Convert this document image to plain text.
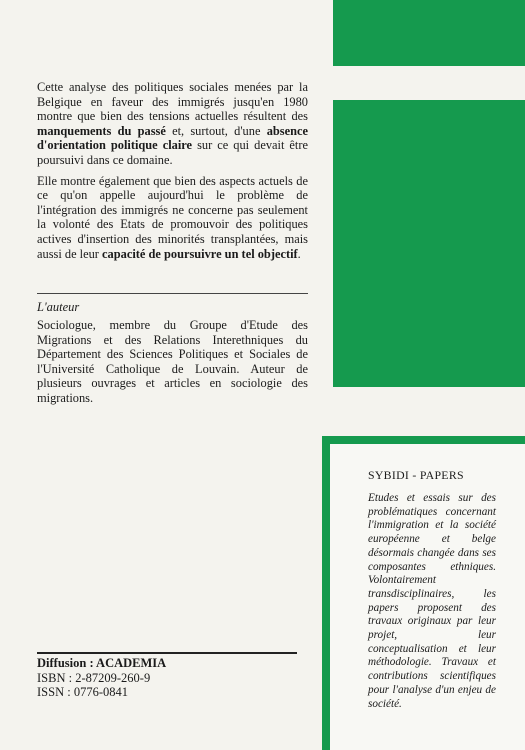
Cette analyse des politiques sociales menées par la Belgique en faveur des immigrés jusqu'en 1980 montre que bien des tensions actuelles résultent des manquements du passé et, surtout, d'une absence d'orientation politique claire sur ce qui devait être poursuivi dans ce domaine.

Elle montre également que bien des aspects actuels de ce qu'on appelle aujourd'hui le problème de l'intégration des immigrés ne concerne pas seulement la volonté des Etats de promouvoir des politiques actives d'insertion des minorités transplantées, mais aussi de leur capacité de poursuivre un tel objectif.

L'auteur
Sociologue, membre du Groupe d'Etude des Migrations et des Relations Interethniques du Département des Sciences Politiques et Sociales de l'Université Catholique de Louvain. Auteur de plusieurs ouvrages et articles en sociologie des migrations.
Diffusion : ACADEMIA
ISBN : 2-87209-260-9
ISSN : 0776-0841
SYBIDI - PAPERS
Etudes et essais sur des problématiques concernant l'immigration et la société européenne et belge désormais changée dans ses composantes ethniques. Volontairement transdisciplinaires, les papers proposent des travaux originaux par leur projet, leur conceptualisation et leur méthodologie. Travaux et contributions scientifiques pour l'analyse d'un enjeu de société.
